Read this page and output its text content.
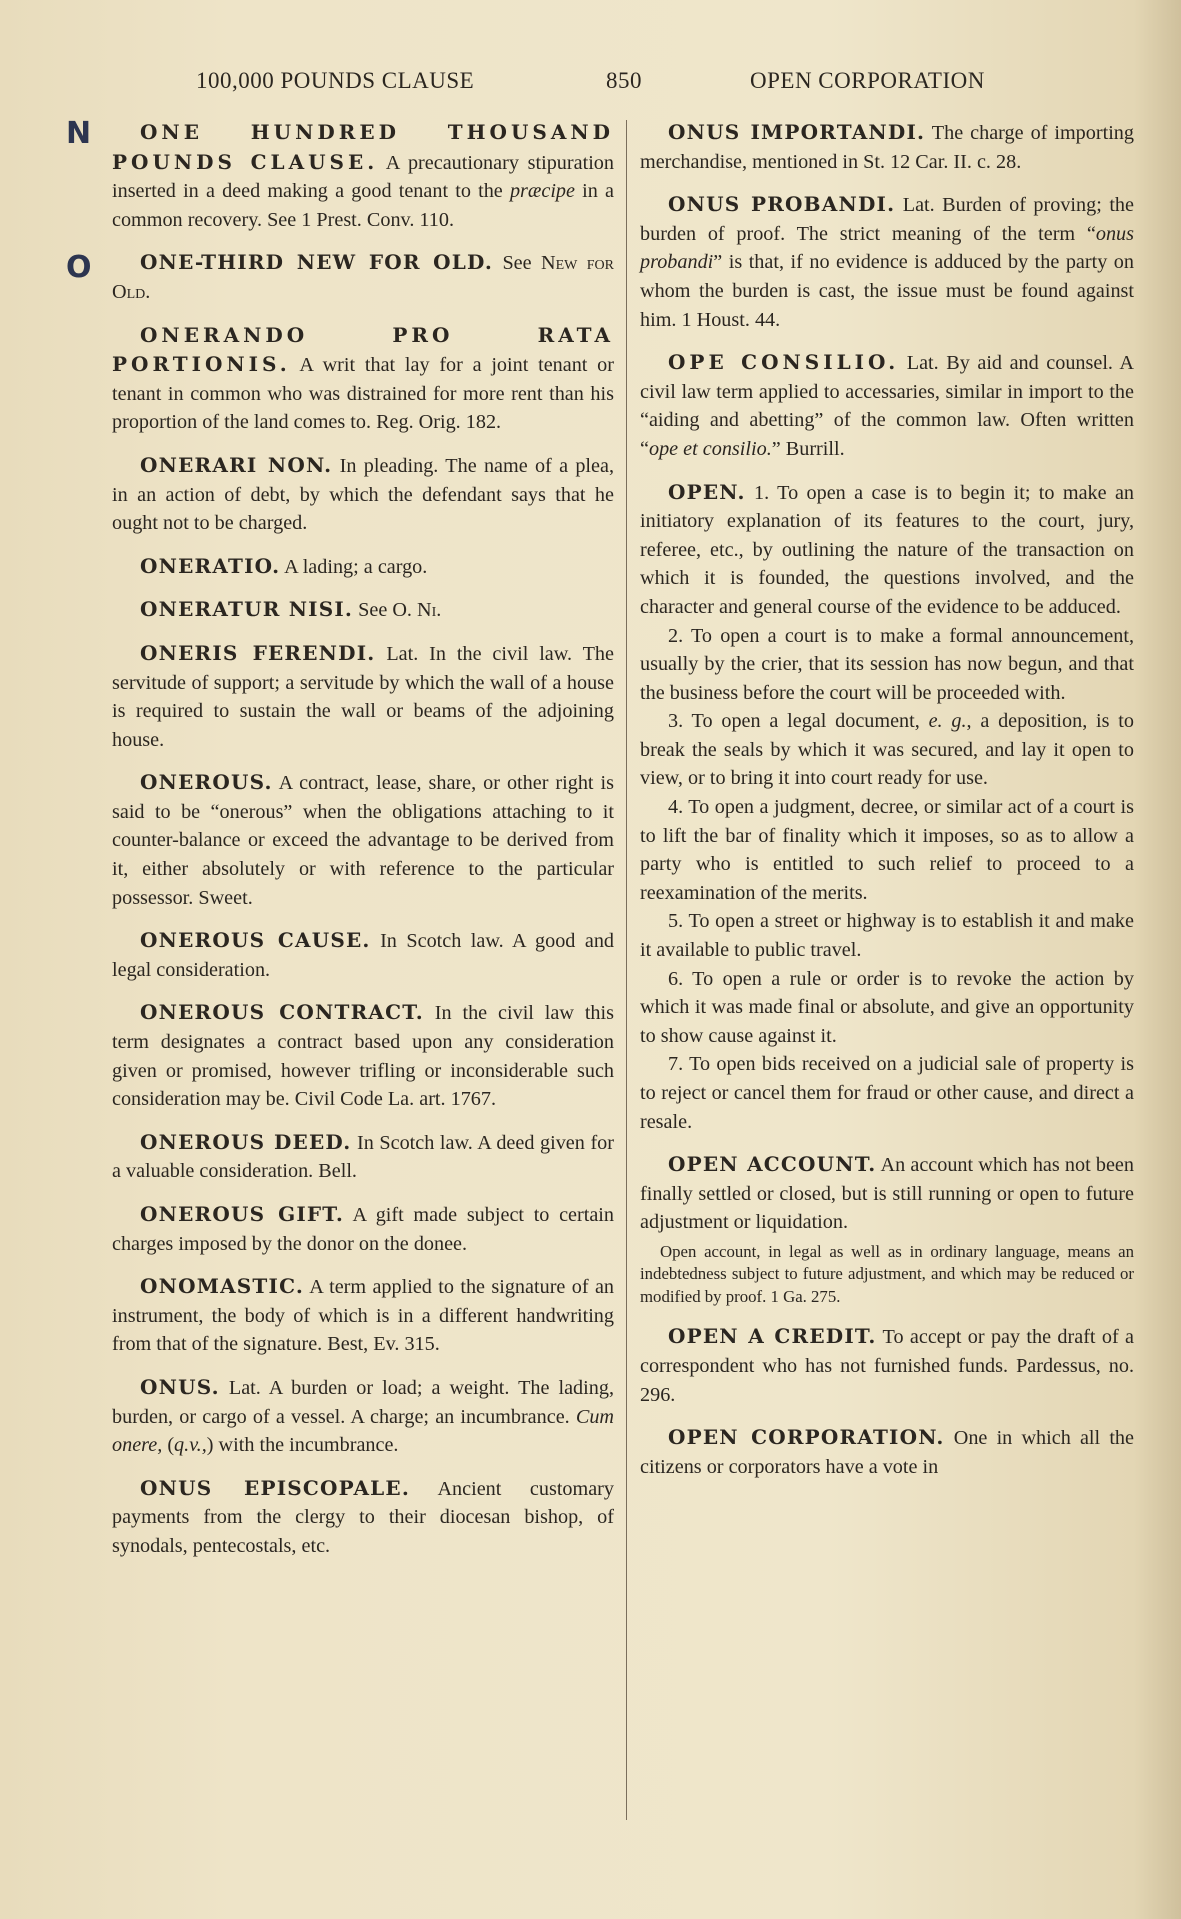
100,000 POUNDS CLAUSE	850	OPEN CORPORATION
N
O

ONE HUNDRED THOUSAND POUNDS CLAUSE. A precautionary stipuration inserted in a deed making a good tenant to the præcipe in a common recovery. See 1 Prest. Conv. 110.

ONE-THIRD NEW FOR OLD. See New for Old.

ONERANDO PRO RATA PORTIONIS. A writ that lay for a joint tenant or tenant in common who was distrained for more rent than his proportion of the land comes to. Reg. Orig. 182.

ONERARI NON. In pleading. The name of a plea, in an action of debt, by which the defendant says that he ought not to be charged.

ONERATIO. A lading; a cargo.

ONERATUR NISI. See O. Ni.

ONERIS FERENDI. Lat. In the civil law. The servitude of support; a servitude by which the wall of a house is required to sustain the wall or beams of the adjoining house.

ONEROUS. A contract, lease, share, or other right is said to be “onerous” when the obligations attaching to it counter-balance or exceed the advantage to be derived from it, either absolutely or with reference to the particular possessor. Sweet.

ONEROUS CAUSE. In Scotch law. A good and legal consideration.

ONEROUS CONTRACT. In the civil law this term designates a contract based upon any consideration given or promised, however trifling or inconsiderable such consideration may be. Civil Code La. art. 1767.

ONEROUS DEED. In Scotch law. A deed given for a valuable consideration. Bell.

ONEROUS GIFT. A gift made subject to certain charges imposed by the donor on the donee.

ONOMASTIC. A term applied to the signature of an instrument, the body of which is in a different handwriting from that of the signature. Best, Ev. 315.

ONUS. Lat. A burden or load; a weight. The lading, burden, or cargo of a vessel. A charge; an incumbrance. Cum onere, (q.v.,) with the incumbrance.

ONUS EPISCOPALE. Ancient customary payments from the clergy to their diocesan bishop, of synodals, pentecostals, etc.

ONUS IMPORTANDI. The charge of importing merchandise, mentioned in St. 12 Car. II. c. 28.

ONUS PROBANDI. Lat. Burden of proving; the burden of proof. The strict meaning of the term “onus probandi” is that, if no evidence is adduced by the party on whom the burden is cast, the issue must be found against him. 1 Houst. 44.

OPE CONSILIO. Lat. By aid and counsel. A civil law term applied to accessaries, similar in import to the “aiding and abetting” of the common law. Often written “ope et consilio.” Burrill.

OPEN. 1. To open a case is to begin it; to make an initiatory explanation of its features to the court, jury, referee, etc., by outlining the nature of the transaction on which it is founded, the questions involved, and the character and general course of the evidence to be adduced.

2. To open a court is to make a formal announcement, usually by the crier, that its session has now begun, and that the business before the court will be proceeded with.

3. To open a legal document, e. g., a deposition, is to break the seals by which it was secured, and lay it open to view, or to bring it into court ready for use.

4. To open a judgment, decree, or similar act of a court is to lift the bar of finality which it imposes, so as to allow a party who is entitled to such relief to proceed to a reexamination of the merits.

5. To open a street or highway is to establish it and make it available to public travel.

6. To open a rule or order is to revoke the action by which it was made final or absolute, and give an opportunity to show cause against it.

7. To open bids received on a judicial sale of property is to reject or cancel them for fraud or other cause, and direct a resale.

OPEN ACCOUNT. An account which has not been finally settled or closed, but is still running or open to future adjustment or liquidation.

Open account, in legal as well as in ordinary language, means an indebtedness subject to future adjustment, and which may be reduced or modified by proof. 1 Ga. 275.

OPEN A CREDIT. To accept or pay the draft of a correspondent who has not furnished funds. Pardessus, no. 296.

OPEN CORPORATION. One in which all the citizens or corporators have a vote in
